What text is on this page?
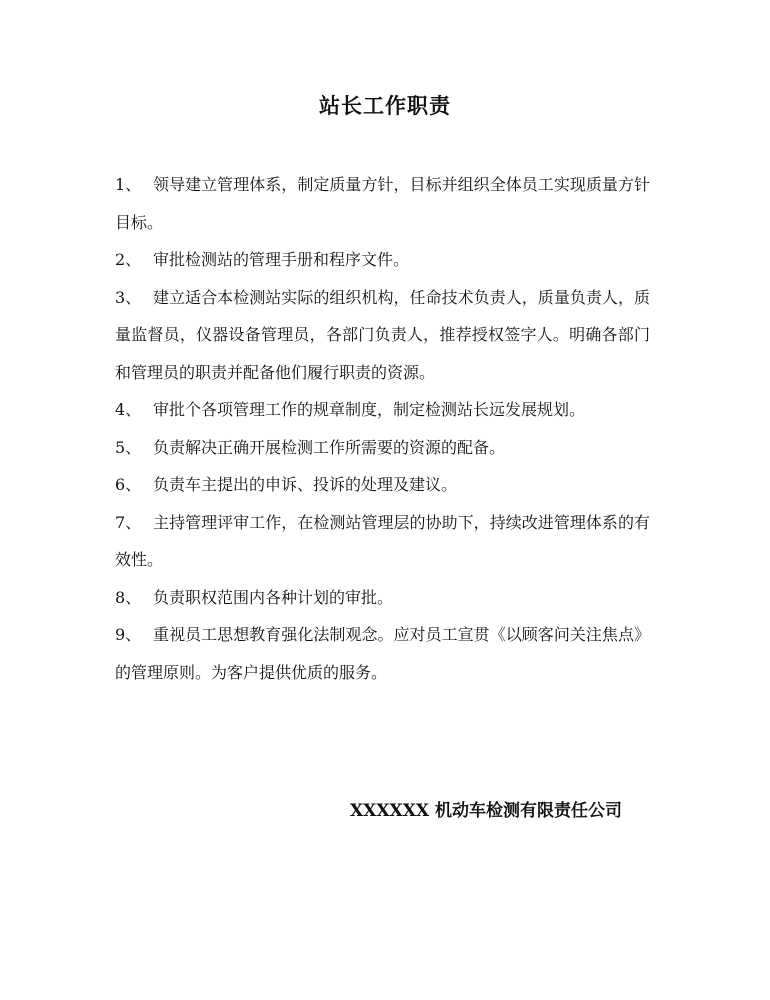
站长工作职责
1、 领导建立管理体系，制定质量方针，目标并组织全体员工实现质量方针目标。
2、 审批检测站的管理手册和程序文件。
3、 建立适合本检测站实际的组织机构，任命技术负责人，质量负责人，质量监督员，仪器设备管理员，各部门负责人，推荐授权签字人。明确各部门和管理员的职责并配备他们履行职责的资源。
4、 审批个各项管理工作的规章制度，制定检测站长远发展规划。
5、 负责解决正确开展检测工作所需要的资源的配备。
6、 负责车主提出的申诉、投诉的处理及建议。
7、 主持管理评审工作，在检测站管理层的协助下，持续改进管理体系的有效性。
8、 负责职权范围内各种计划的审批。
9、 重视员工思想教育强化法制观念。应对员工宣贯《以顾客问关注焦点》的管理原则。为客户提供优质的服务。

XXXXXX 机动车检测有限责任公司
